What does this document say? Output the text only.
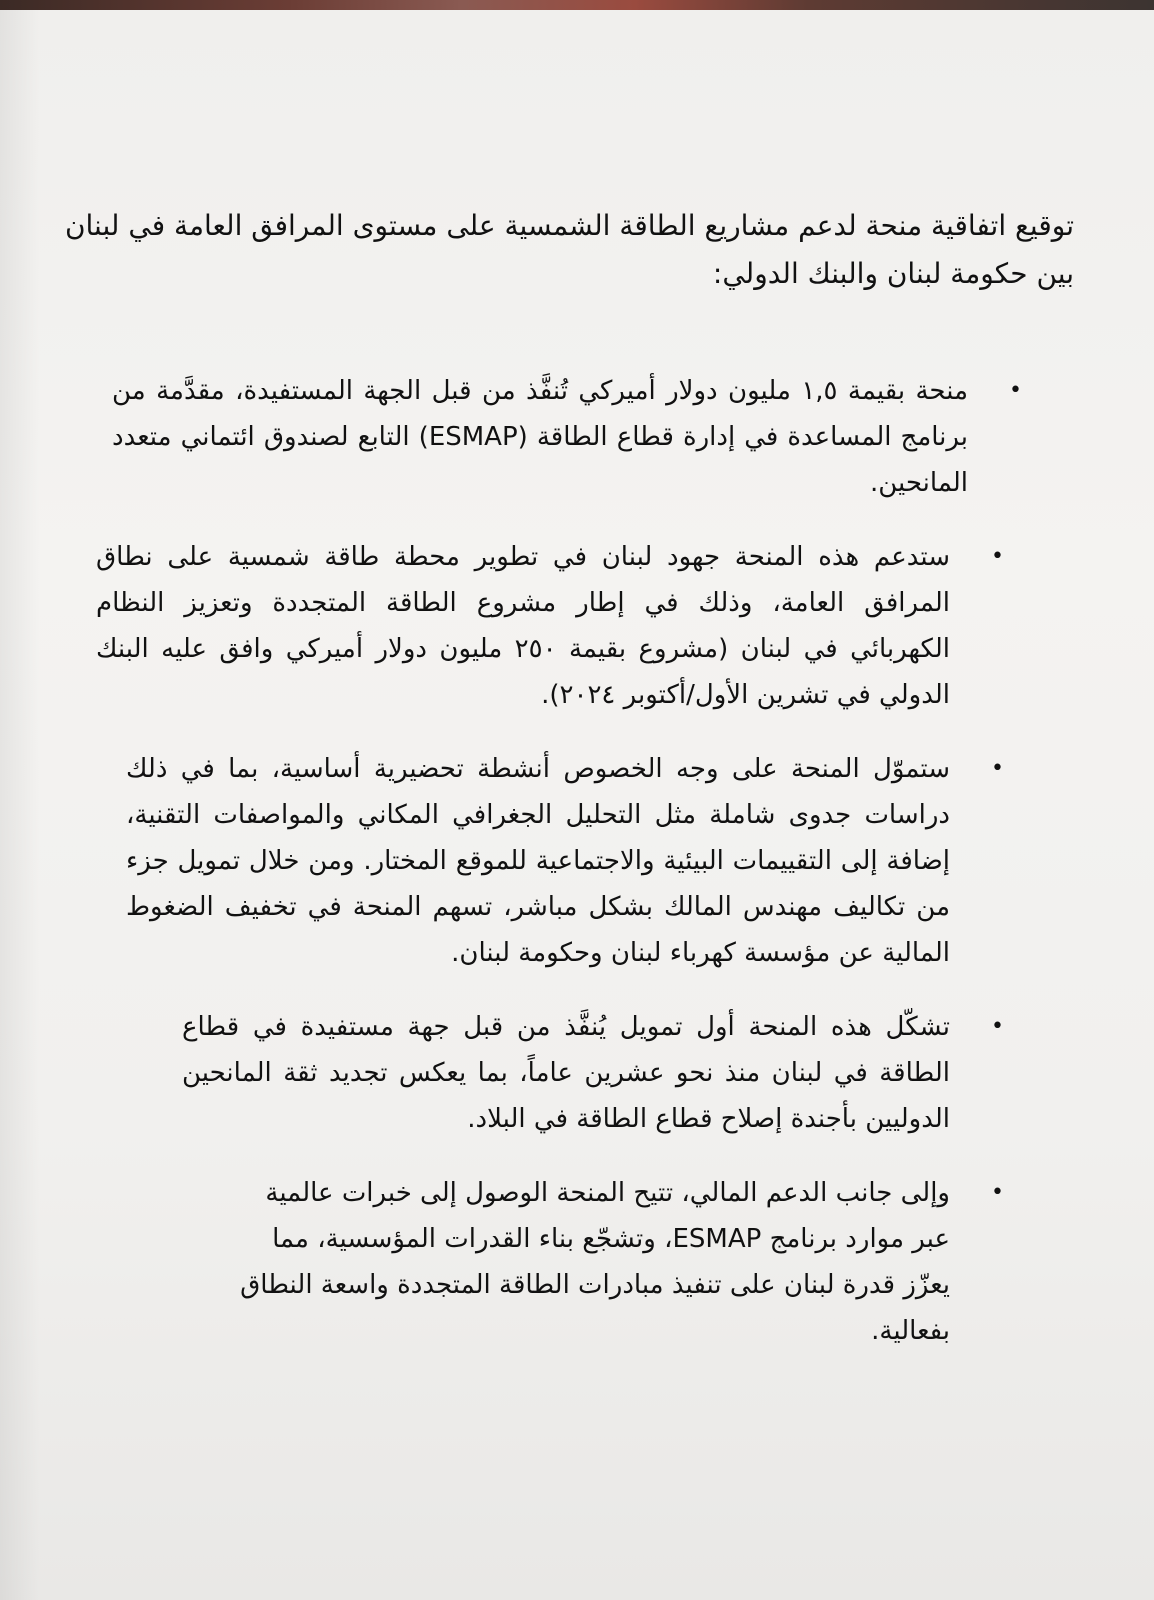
توقيع اتفاقية منحة لدعم مشاريع الطاقة الشمسية على مستوى المرافق العامة في لبنان بين حكومة لبنان والبنك الدولي:
•
منحة بقيمة ١,٥ مليون دولار أميركي تُنفَّذ من قبل الجهة المستفيدة، مقدَّمة من برنامج المساعدة في إدارة قطاع الطاقة (ESMAP) التابع لصندوق ائتماني متعدد المانحين.
•
ستدعم هذه المنحة جهود لبنان في تطوير محطة طاقة شمسية على نطاق المرافق العامة، وذلك في إطار مشروع الطاقة المتجددة وتعزيز النظام الكهربائي في لبنان (مشروع بقيمة ٢٥٠ مليون دولار أميركي وافق عليه البنك الدولي في تشرين الأول/أكتوبر ٢٠٢٤).
•
ستموّل المنحة على وجه الخصوص أنشطة تحضيرية أساسية، بما في ذلك دراسات جدوى شاملة مثل التحليل الجغرافي المكاني والمواصفات التقنية، إضافة إلى التقييمات البيئية والاجتماعية للموقع المختار. ومن خلال تمويل جزء من تكاليف مهندس المالك بشكل مباشر، تسهم المنحة في تخفيف الضغوط المالية عن مؤسسة كهرباء لبنان وحكومة لبنان.
•
تشكّل هذه المنحة أول تمويل يُنفَّذ من قبل جهة مستفيدة في قطاع الطاقة في لبنان منذ نحو عشرين عاماً، بما يعكس تجديد ثقة المانحين الدوليين بأجندة إصلاح قطاع الطاقة في البلاد.
•
وإلى جانب الدعم المالي، تتيح المنحة الوصول إلى خبرات عالمية عبر موارد برنامج ESMAP، وتشجّع بناء القدرات المؤسسية، مما يعزّز قدرة لبنان على تنفيذ مبادرات الطاقة المتجددة واسعة النطاق بفعالية.
